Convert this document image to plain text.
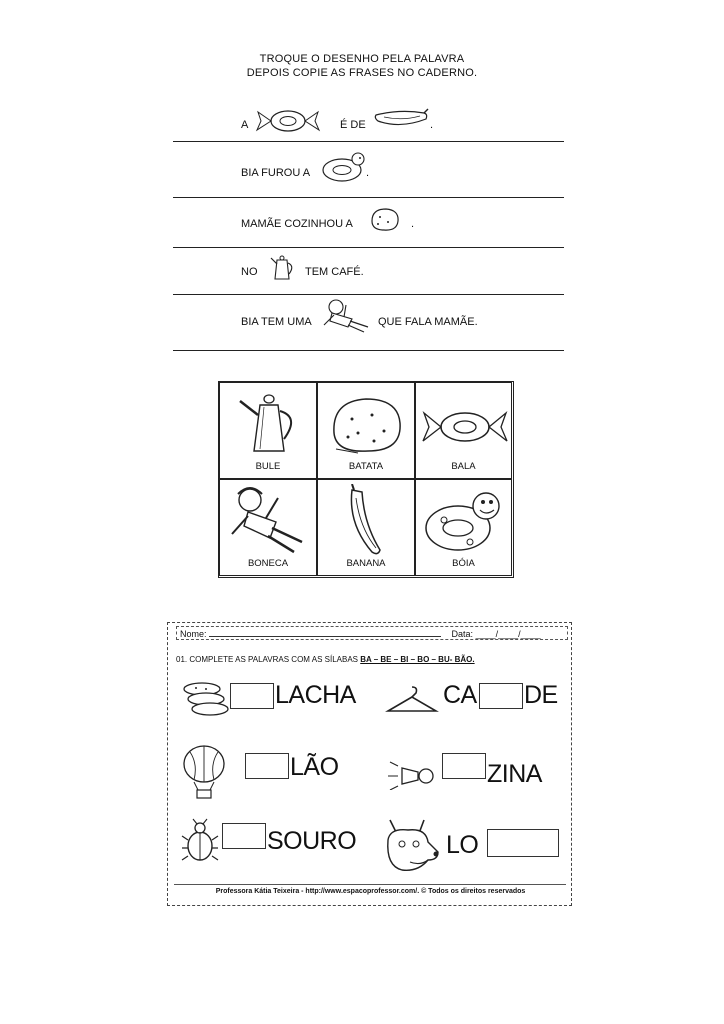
TROQUE O DESENHO PELA PALAVRA
DEPOIS COPIE AS FRASES NO CADERNO.
A	É DE	.
BIA FUROU A	.
MAMÃE COZINHOU A	.
NO	TEM CAFÉ.
BIA TEM UMA	QUE FALA MAMÃE.
BULE	BATATA	BALA
BONECA	BANANA	BÓIA
Nome:	Data: ____/____/____
01. COMPLETE AS PALAVRAS COM AS SÍLABAS BA – BE – BI – BO – BU- BÃO.
LACHA	CA DE
LÃO	ZINA
SOURO	LO
Professora Kátia Teixeira - http://www.espacoprofessor.com/. © Todos os direitos reservados
